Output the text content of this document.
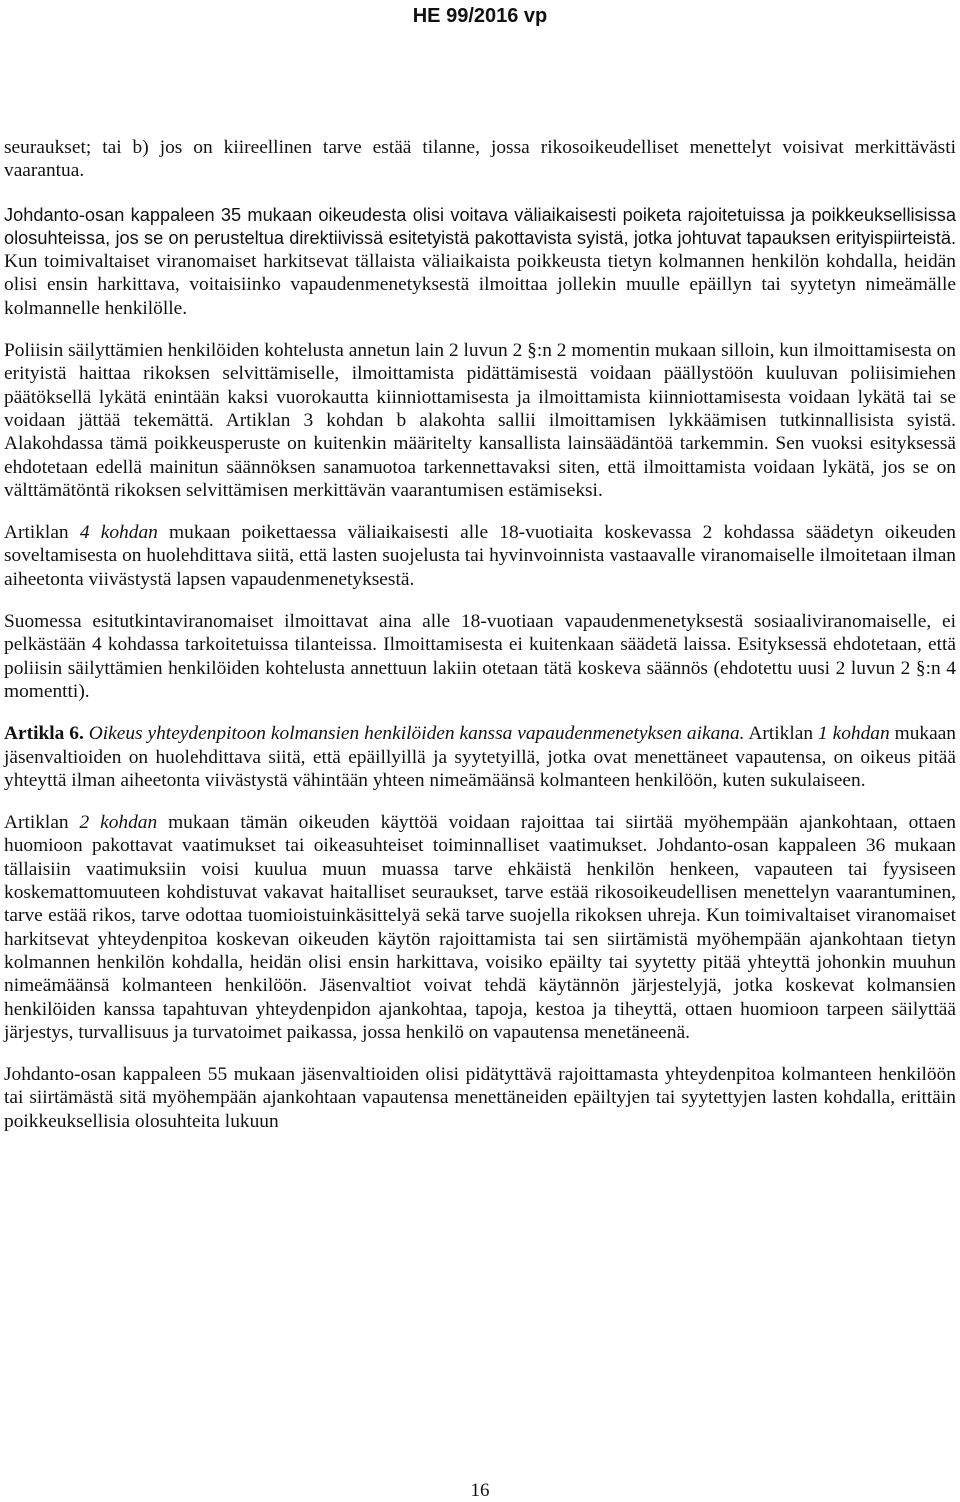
HE 99/2016 vp

seuraukset; tai b) jos on kiireellinen tarve estää tilanne, jossa rikosoikeudelliset menettelyt voisivat merkittävästi vaarantua.

Johdanto-osan kappaleen 35 mukaan oikeudesta olisi voitava väliaikaisesti poiketa rajoitetuissa ja poikkeuksellisissa olosuhteissa, jos se on perusteltua direktiivissä esitetyistä pakottavista syistä, jotka johtuvat tapauksen erityispiirteistä. Kun toimivaltaiset viranomaiset harkitsevat tällaista väliaikaista poikkeusta tietyn kolmannen henkilön kohdalla, heidän olisi ensin harkittava, voitaisiinko vapaudenmenetyksestä ilmoittaa jollekin muulle epäillyn tai syytetyn nimeämälle kolmannelle henkilölle.

Poliisin säilyttämien henkilöiden kohtelusta annetun lain 2 luvun 2 §:n 2 momentin mukaan silloin, kun ilmoittamisesta on erityistä haittaa rikoksen selvittämiselle, ilmoittamista pidättämisestä voidaan päällystöön kuuluvan poliisimiehen päätöksellä lykätä enintään kaksi vuorokautta kiinniottamisesta ja ilmoittamista kiinniottamisesta voidaan lykätä tai se voidaan jättää tekemättä. Artiklan 3 kohdan b alakohta sallii ilmoittamisen lykkäämisen tutkinnallisista syistä. Alakohdassa tämä poikkeusperuste on kuitenkin määritelty kansallista lainsäädäntöä tarkemmin. Sen vuoksi esityksessä ehdotetaan edellä mainitun säännöksen sanamuotoa tarkennettavaksi siten, että ilmoittamista voidaan lykätä, jos se on välttämätöntä rikoksen selvittämisen merkittävän vaarantumisen estämiseksi.

Artiklan 4 kohdan mukaan poikettaessa väliaikaisesti alle 18-vuotiaita koskevassa 2 kohdassa säädetyn oikeuden soveltamisesta on huolehdittava siitä, että lasten suojelusta tai hyvinvoinnista vastaavalle viranomaiselle ilmoitetaan ilman aiheetonta viivästystä lapsen vapaudenmenetyksestä.

Suomessa esitutkintaviranomaiset ilmoittavat aina alle 18-vuotiaan vapaudenmenetyksestä sosiaaliviranomaiselle, ei pelkästään 4 kohdassa tarkoitetuissa tilanteissa. Ilmoittamisesta ei kuitenkaan säädetä laissa. Esityksessä ehdotetaan, että poliisin säilyttämien henkilöiden kohtelusta annettuun lakiin otetaan tätä koskeva säännös (ehdotettu uusi 2 luvun 2 §:n 4 momentti).

Artikla 6. Oikeus yhteydenpitoon kolmansien henkilöiden kanssa vapaudenmenetyksen aikana. Artiklan 1 kohdan mukaan jäsenvaltioiden on huolehdittava siitä, että epäillyillä ja syytetyillä, jotka ovat menettäneet vapautensa, on oikeus pitää yhteyttä ilman aiheetonta viivästystä vähintään yhteen nimeämäänsä kolmanteen henkilöön, kuten sukulaiseen.

Artiklan 2 kohdan mukaan tämän oikeuden käyttöä voidaan rajoittaa tai siirtää myöhempään ajankohtaan, ottaen huomioon pakottavat vaatimukset tai oikeasuhteiset toiminnalliset vaatimukset. Johdanto-osan kappaleen 36 mukaan tällaisiin vaatimuksiin voisi kuulua muun muassa tarve ehkäistä henkilön henkeen, vapauteen tai fyysiseen koskemattomuuteen kohdistuvat vakavat haitalliset seuraukset, tarve estää rikosoikeudellisen menettelyn vaarantuminen, tarve estää rikos, tarve odottaa tuomioistuinkäsittelyä sekä tarve suojella rikoksen uhreja. Kun toimivaltaiset viranomaiset harkitsevat yhteydenpitoa koskevan oikeuden käytön rajoittamista tai sen siirtämistä myöhempään ajankohtaan tietyn kolmannen henkilön kohdalla, heidän olisi ensin harkittava, voisiko epäilty tai syytetty pitää yhteyttä johonkin muuhun nimeämäänsä kolmanteen henkilöön. Jäsenvaltiot voivat tehdä käytännön järjestelyjä, jotka koskevat kolmansien henkilöiden kanssa tapahtuvan yhteydenpidon ajankohtaa, tapoja, kestoa ja tiheyttä, ottaen huomioon tarpeen säilyttää järjestys, turvallisuus ja turvatoimet paikassa, jossa henkilö on vapautensa menetäneenä.

Johdanto-osan kappaleen 55 mukaan jäsenvaltioiden olisi pidätyttävä rajoittamasta yhteydenpitoa kolmanteen henkilöön tai siirtämästä sitä myöhempään ajankohtaan vapautensa menettäneiden epäiltyjen tai syytettyjen lasten kohdalla, erittäin poikkeuksellisia olosuhteita lukuun

16
